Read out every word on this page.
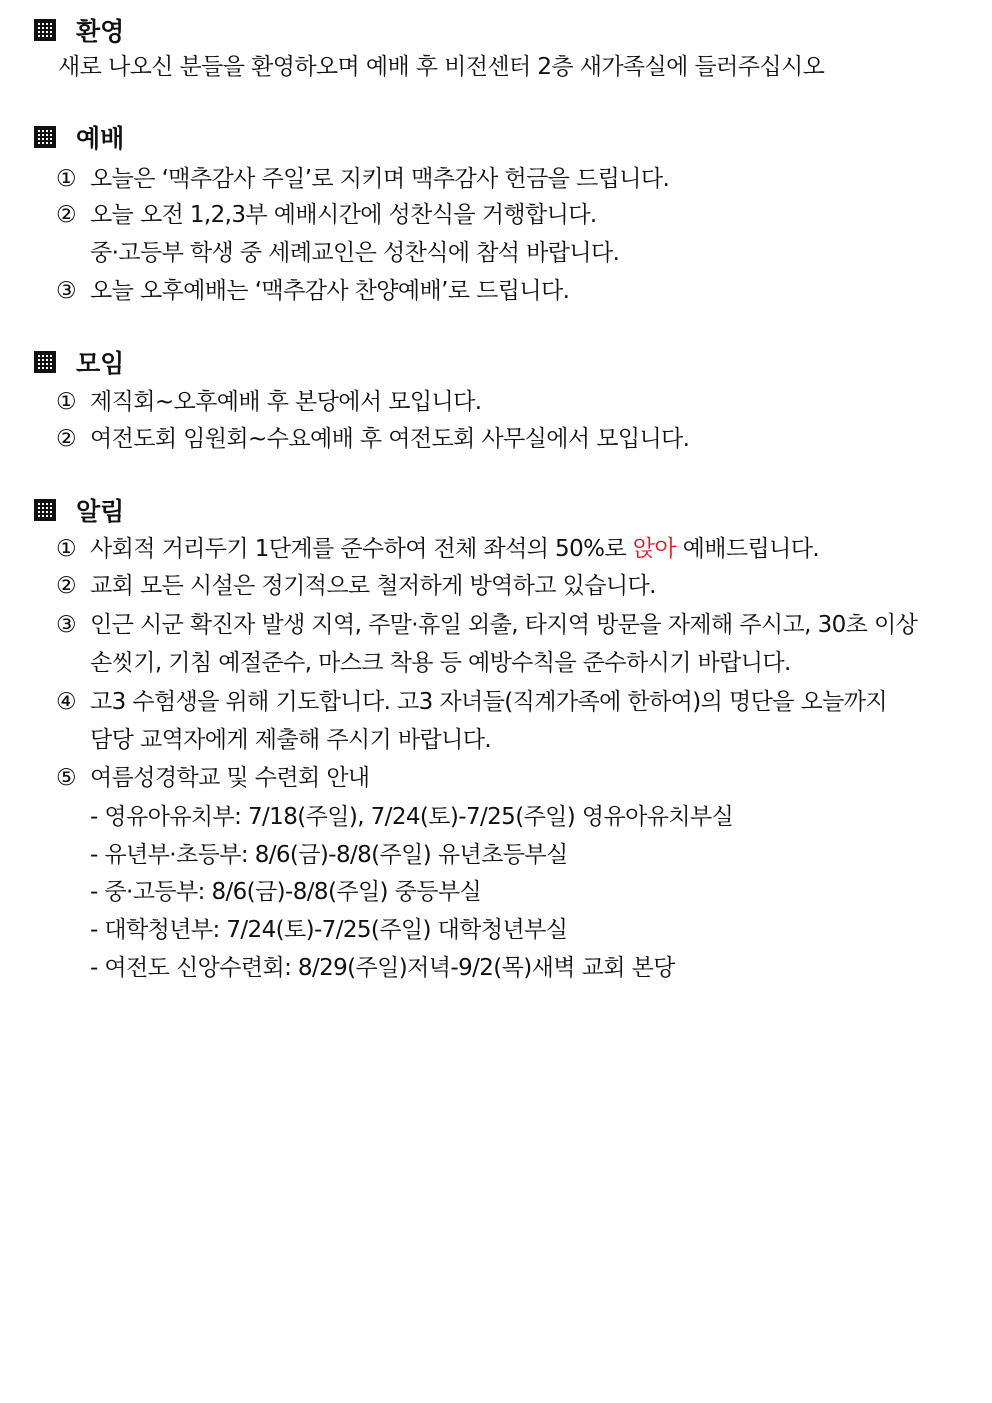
환영
새로 나오신 분들을 환영하오며 예배 후 비전센터 2층 새가족실에 들러주십시오
예배
① 오늘은 ‘맥추감사 주일’로 지키며 맥추감사 헌금을 드립니다.
② 오늘 오전 1,2,3부 예배시간에 성찬식을 거행합니다.
중·고등부 학생 중 세례교인은 성찬식에 참석 바랍니다.
③ 오늘 오후예배는 ‘맥추감사 찬양예배’로 드립니다.
모임
① 제직회~오후예배 후 본당에서 모입니다.
② 여전도회 임원회~수요예배 후 여전도회 사무실에서 모입니다.
알림
① 사회적 거리두기 1단계를 준수하여 전체 좌석의 50%로 앉아 예배드립니다.
② 교회 모든 시설은 정기적으로 철저하게 방역하고 있습니다.
③ 인근 시군 확진자 발생 지역, 주말·휴일 외출, 타지역 방문을 자제해 주시고, 30초 이상
손씻기, 기침 예절준수, 마스크 착용 등 예방수칙을 준수하시기 바랍니다.
④ 고3 수험생을 위해 기도합니다. 고3 자녀들(직계가족에 한하여)의 명단을 오늘까지
담당 교역자에게 제출해 주시기 바랍니다.
⑤ 여름성경학교 및 수련회 안내
- 영유아유치부: 7/18(주일), 7/24(토)-7/25(주일) 영유아유치부실
- 유년부·초등부: 8/6(금)-8/8(주일) 유년초등부실
- 중·고등부: 8/6(금)-8/8(주일) 중등부실
- 대학청년부: 7/24(토)-7/25(주일) 대학청년부실
- 여전도 신앙수련회: 8/29(주일)저녁-9/2(목)새벽 교회 본당
